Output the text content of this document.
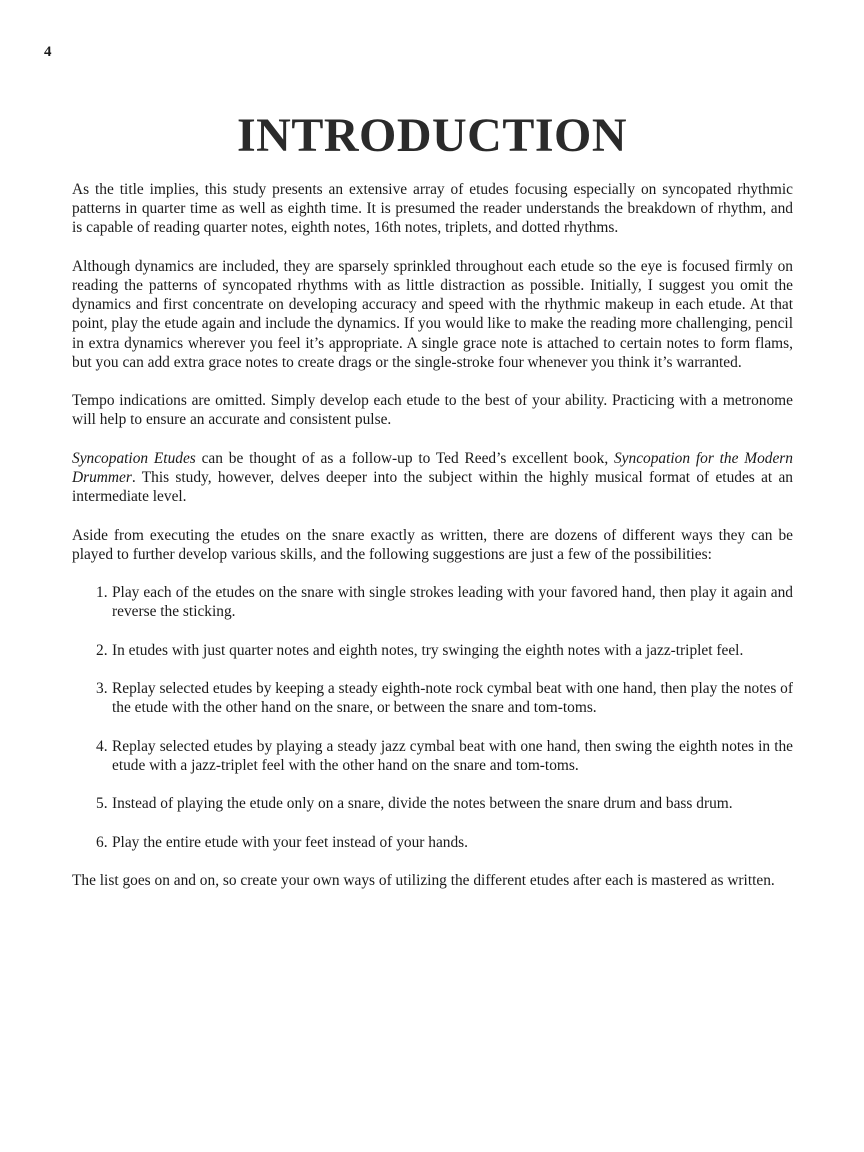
4
INTRODUCTION

As the title implies, this study presents an extensive array of etudes focusing especially on syncopated rhythmic patterns in quarter time as well as eighth time. It is presumed the reader understands the breakdown of rhythm, and is capable of reading quarter notes, eighth notes, 16th notes, triplets, and dotted rhythms.

Although dynamics are included, they are sparsely sprinkled throughout each etude so the eye is focused firmly on reading the patterns of syncopated rhythms with as little distraction as possible. Initially, I suggest you omit the dynamics and first concentrate on developing accuracy and speed with the rhythmic makeup in each etude. At that point, play the etude again and include the dynamics. If you would like to make the reading more challenging, pencil in extra dynamics wherever you feel it’s appropriate. A single grace note is attached to certain notes to form flams, but you can add extra grace notes to create drags or the single-stroke four whenever you think it’s warranted.

Tempo indications are omitted. Simply develop each etude to the best of your ability. Practicing with a metronome will help to ensure an accurate and consistent pulse.

Syncopation Etudes can be thought of as a follow-up to Ted Reed’s excellent book, Syncopation for the Modern Drummer. This study, however, delves deeper into the subject within the highly musical format of etudes at an intermediate level.

Aside from executing the etudes on the snare exactly as written, there are dozens of different ways they can be played to further develop various skills, and the following suggestions are just a few of the possibilities:

1. Play each of the etudes on the snare with single strokes leading with your favored hand, then play it again and reverse the sticking.
2. In etudes with just quarter notes and eighth notes, try swinging the eighth notes with a jazz-triplet feel.
3. Replay selected etudes by keeping a steady eighth-note rock cymbal beat with one hand, then play the notes of the etude with the other hand on the snare, or between the snare and tom-toms.
4. Replay selected etudes by playing a steady jazz cymbal beat with one hand, then swing the eighth notes in the etude with a jazz-triplet feel with the other hand on the snare and tom-toms.
5. Instead of playing the etude only on a snare, divide the notes between the snare drum and bass drum.
6. Play the entire etude with your feet instead of your hands.

The list goes on and on, so create your own ways of utilizing the different etudes after each is mastered as written.
